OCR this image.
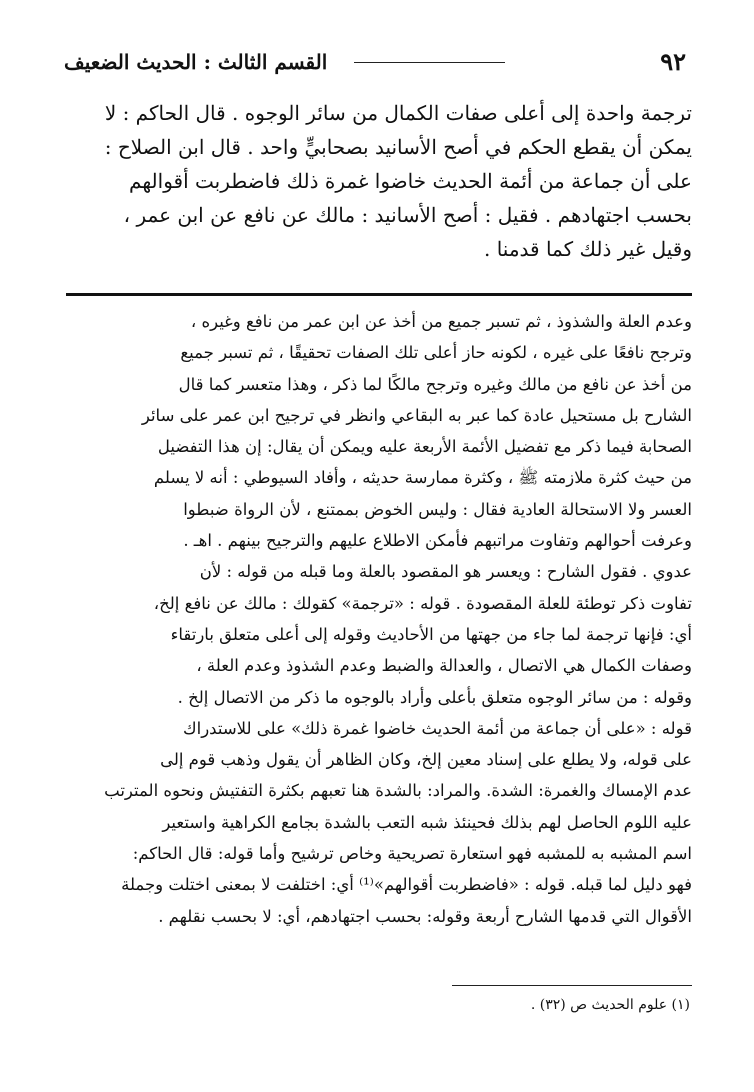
٩٢
القسم الثالث : الحديث الضعيف
ترجمة واحدة إلى أعلى صفات الكمال من سائر الوجوه . قال الحاكم : لا
يمكن أن يقطع الحكم في أصح الأسانيد بصحابيٍّ واحد . قال ابن الصلاح :
على أن جماعة من أئمة الحديث خاضوا غمرة ذلك فاضطربت أقوالهم
بحسب اجتهادهم . فقيل : أصح الأسانيد : مالك عن نافع عن ابن عمر ،
وقيل غير ذلك كما قدمنا .
وعدم العلة والشذوذ ، ثم تسبر جميع من أخذ عن ابن عمر من نافع وغيره ،
وترجح نافعًا على غيره ، لكونه حاز أعلى تلك الصفات تحقيقًا ، ثم تسبر جميع
من أخذ عن نافع من مالك وغيره وترجح مالكًا لما ذكر ، وهذا متعسر كما قال
الشارح بل مستحيل عادة كما عبر به البقاعي وانظر في ترجيح ابن عمر على سائر
الصحابة فيما ذكر مع تفضيل الأئمة الأربعة عليه ويمكن أن يقال: إن هذا التفضيل
من حيث كثرة ملازمته ﷺ ، وكثرة ممارسة حديثه ، وأفاد السيوطي : أنه لا يسلم
العسر ولا الاستحالة العادية فقال : وليس الخوض بممتنع ، لأن الرواة ضبطوا
وعرفت أحوالهم وتفاوت مراتبهم فأمكن الاطلاع عليهم والترجيح بينهم . اهـ .
عدوي . فقول الشارح : ويعسر هو المقصود بالعلة وما قبله من قوله : لأن
تفاوت ذكر توطئة للعلة المقصودة . قوله : «ترجمة» كقولك : مالك عن نافع إلخ،
أي: فإنها ترجمة لما جاء من جهتها من الأحاديث وقوله إلى أعلى متعلق بارتقاء
وصفات الكمال هي الاتصال ، والعدالة والضبط وعدم الشذوذ وعدم العلة ،
وقوله : من سائر الوجوه متعلق بأعلى وأراد بالوجوه ما ذكر من الاتصال إلخ .
قوله : «على أن جماعة من أئمة الحديث خاضوا غمرة ذلك» على للاستدراك
على قوله، ولا يطلع على إسناد معين إلخ، وكان الظاهر أن يقول وذهب قوم إلى
عدم الإمساك والغمرة: الشدة. والمراد: بالشدة هنا تعبهم بكثرة التفتيش ونحوه المترتب
عليه اللوم الحاصل لهم بذلك فحينئذ شبه التعب بالشدة بجامع الكراهية واستعير
اسم المشبه به للمشبه فهو استعارة تصريحية وخاص ترشيح وأما قوله: قال الحاكم:
فهو دليل لما قبله. قوله : «فاضطربت أقوالهم»⁽¹⁾ أي: اختلفت لا بمعنى اختلت وجملة
الأقوال التي قدمها الشارح أربعة وقوله: بحسب اجتهادهم، أي: لا بحسب نقلهم .
(١) علوم الحديث ص (٣٢) .
